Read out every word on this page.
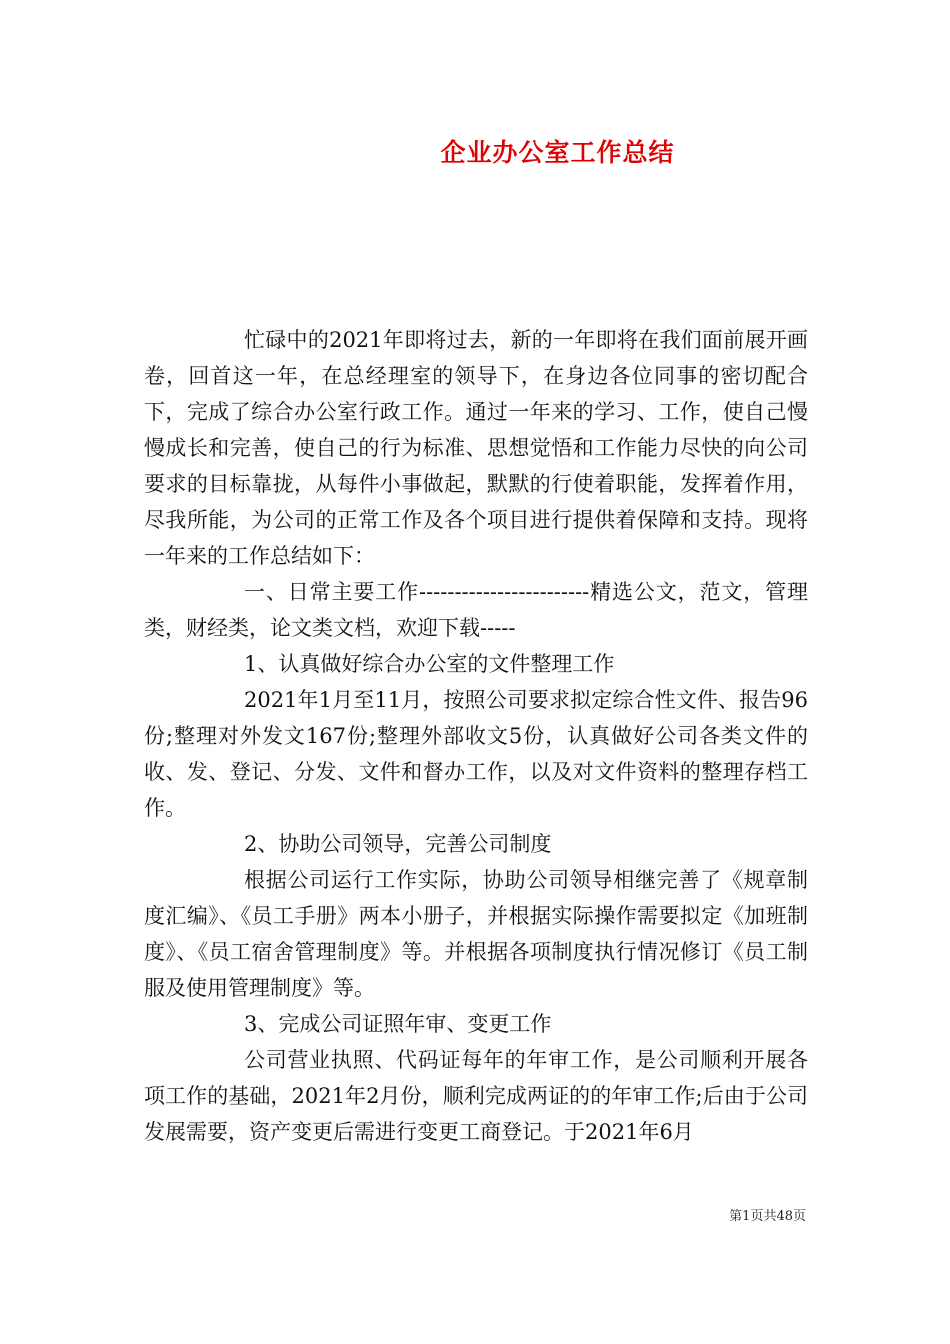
企业办公室工作总结

忙碌中的2021年即将过去，新的一年即将在我们面前展开画卷，回首这一年，在总经理室的领导下，在身边各位同事的密切配合下，完成了综合办公室行政工作。通过一年来的学习、工作，使自己慢慢成长和完善，使自己的行为标准、思想觉悟和工作能力尽快的向公司要求的目标靠拢，从每件小事做起，默默的行使着职能，发挥着作用，尽我所能，为公司的正常工作及各个项目进行提供着保障和支持。现将一年来的工作总结如下：

一、日常主要工作------------------------精选公文，范文，管理类，财经类，论文类文档，欢迎下载-----

1、认真做好综合办公室的文件整理工作

2021年1月至11月，按照公司要求拟定综合性文件、报告96份;整理对外发文167份;整理外部收文5份，认真做好公司各类文件的收、发、登记、分发、文件和督办工作，以及对文件资料的整理存档工作。

2、协助公司领导，完善公司制度

根据公司运行工作实际，协助公司领导相继完善了《规章制度汇编》、《员工手册》两本小册子，并根据实际操作需要拟定《加班制度》、《员工宿舍管理制度》等。并根据各项制度执行情况修订《员工制服及使用管理制度》等。

3、完成公司证照年审、变更工作

公司营业执照、代码证每年的年审工作，是公司顺利开展各项工作的基础，2021年2月份，顺利完成两证的的年审工作;后由于公司发展需要，资产变更后需进行变更工商登记。于2021年6月

第1页共48页
